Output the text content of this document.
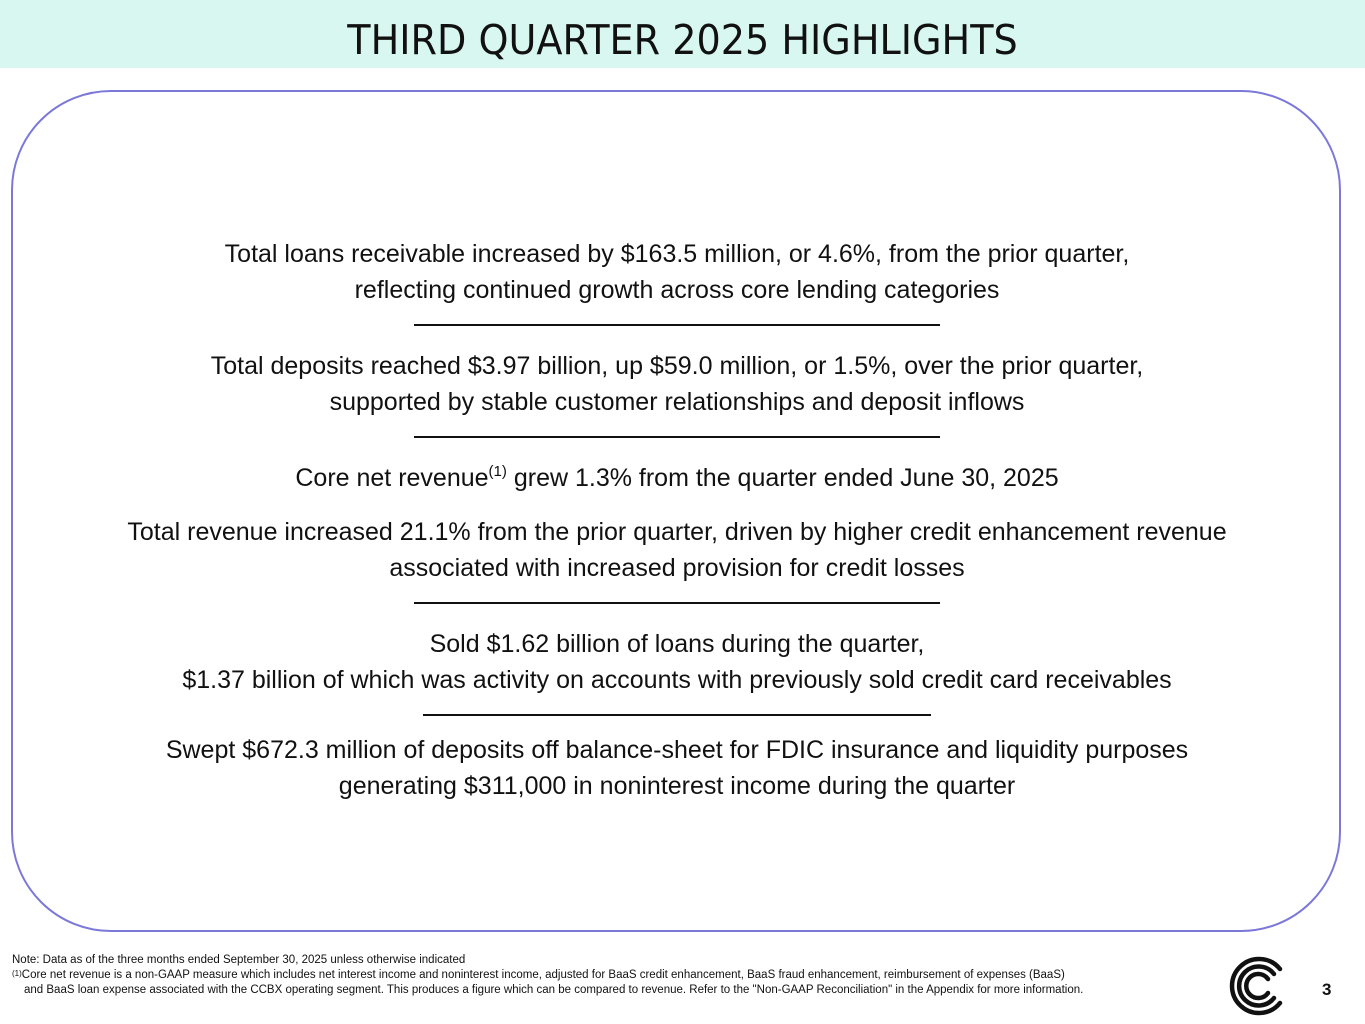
THIRD QUARTER 2025 HIGHLIGHTS

Total loans receivable increased by $163.5 million, or 4.6%, from the prior quarter,

reflecting continued growth across core lending categories

Total deposits reached $3.97 billion, up $59.0 million, or 1.5%, over the prior quarter,

supported by stable customer relationships and deposit inflows

Core net revenue$^{(1)}$ grew 1.3% from the quarter ended June 30, 2025

Total revenue increased 21.1% from the prior quarter, driven by higher credit enhancement revenue

associated with increased provision for credit losses

Sold $1.62 billion of loans during the quarter,

$1.37 billion of which was activity on accounts with previously sold credit card receivables

Swept $672.3 million of deposits off balance-sheet for FDIC insurance and liquidity purposes

generating $311,000 in noninterest income during the quarter

Note: Data as of the three months ended September 30, 2025 unless otherwise indicated

$^{(1)}$Core net revenue is a non-GAAP measure which includes net interest income and noninterest income, adjusted for BaaS credit enhancement, BaaS fraud enhancement, reimbursement of expenses (BaaS)

and BaaS loan expense associated with the CCBX operating segment. This produces a figure which can be compared to revenue. Refer to the "Non-GAAP Reconciliation" in the Appendix for more information.	3
